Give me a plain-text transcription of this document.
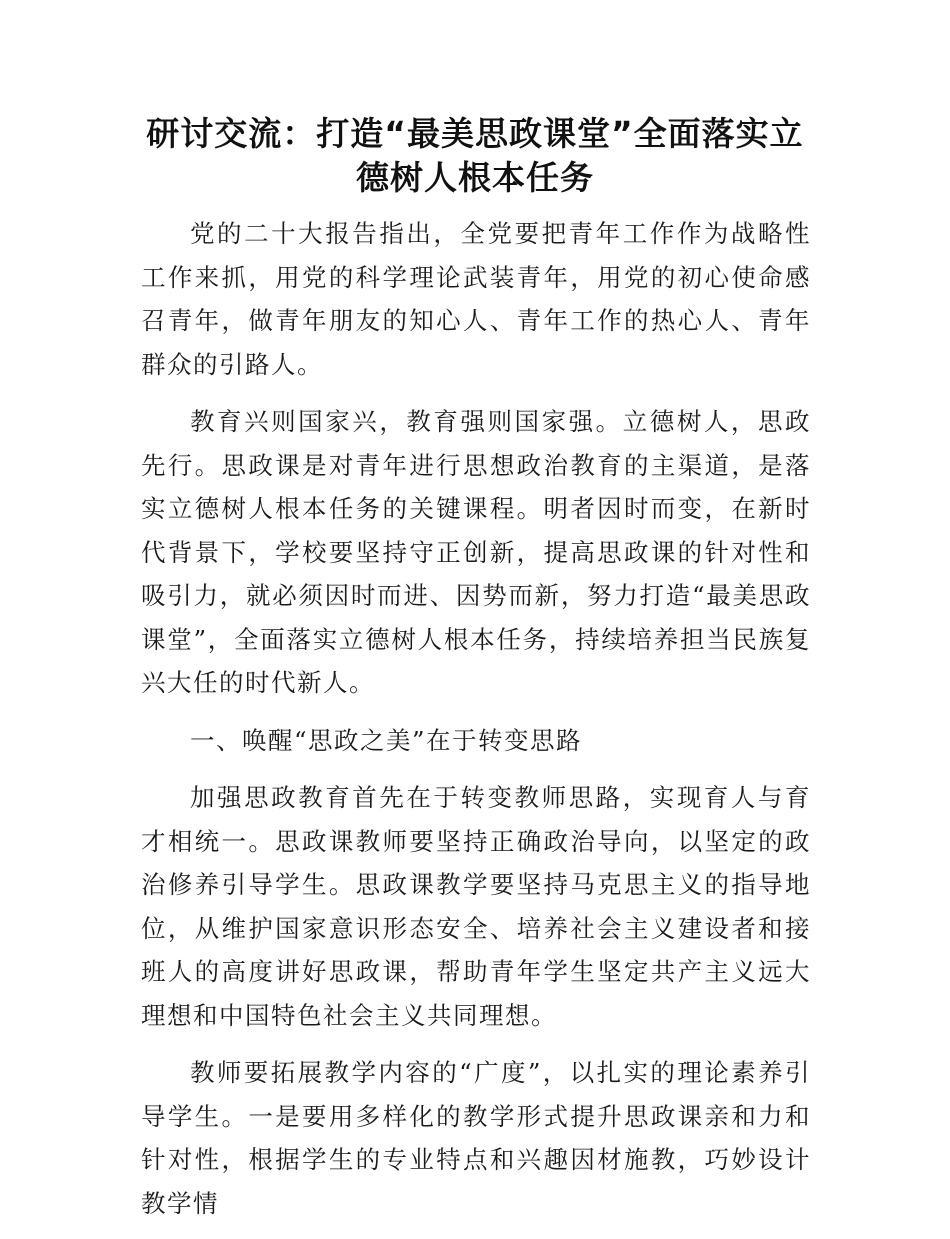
研讨交流：打造“最美思政课堂”全面落实立
德树人根本任务

党的二十大报告指出，全党要把青年工作作为战略性工作来抓，用党的科学理论武装青年，用党的初心使命感召青年，做青年朋友的知心人、青年工作的热心人、青年群众的引路人。

教育兴则国家兴，教育强则国家强。立德树人，思政先行。思政课是对青年进行思想政治教育的主渠道，是落实立德树人根本任务的关键课程。明者因时而变，在新时代背景下，学校要坚持守正创新，提高思政课的针对性和吸引力，就必须因时而进、因势而新，努力打造“最美思政课堂”，全面落实立德树人根本任务，持续培养担当民族复兴大任的时代新人。

一、唤醒“思政之美”在于转变思路

加强思政教育首先在于转变教师思路，实现育人与育才相统一。思政课教师要坚持正确政治导向，以坚定的政治修养引导学生。思政课教学要坚持马克思主义的指导地位，从维护国家意识形态安全、培养社会主义建设者和接班人的高度讲好思政课，帮助青年学生坚定共产主义远大理想和中国特色社会主义共同理想。

教师要拓展教学内容的“广度”，以扎实的理论素养引导学生。一是要用多样化的教学形式提升思政课亲和力和针对性，根据学生的专业特点和兴趣因材施教，巧妙设计教学情
